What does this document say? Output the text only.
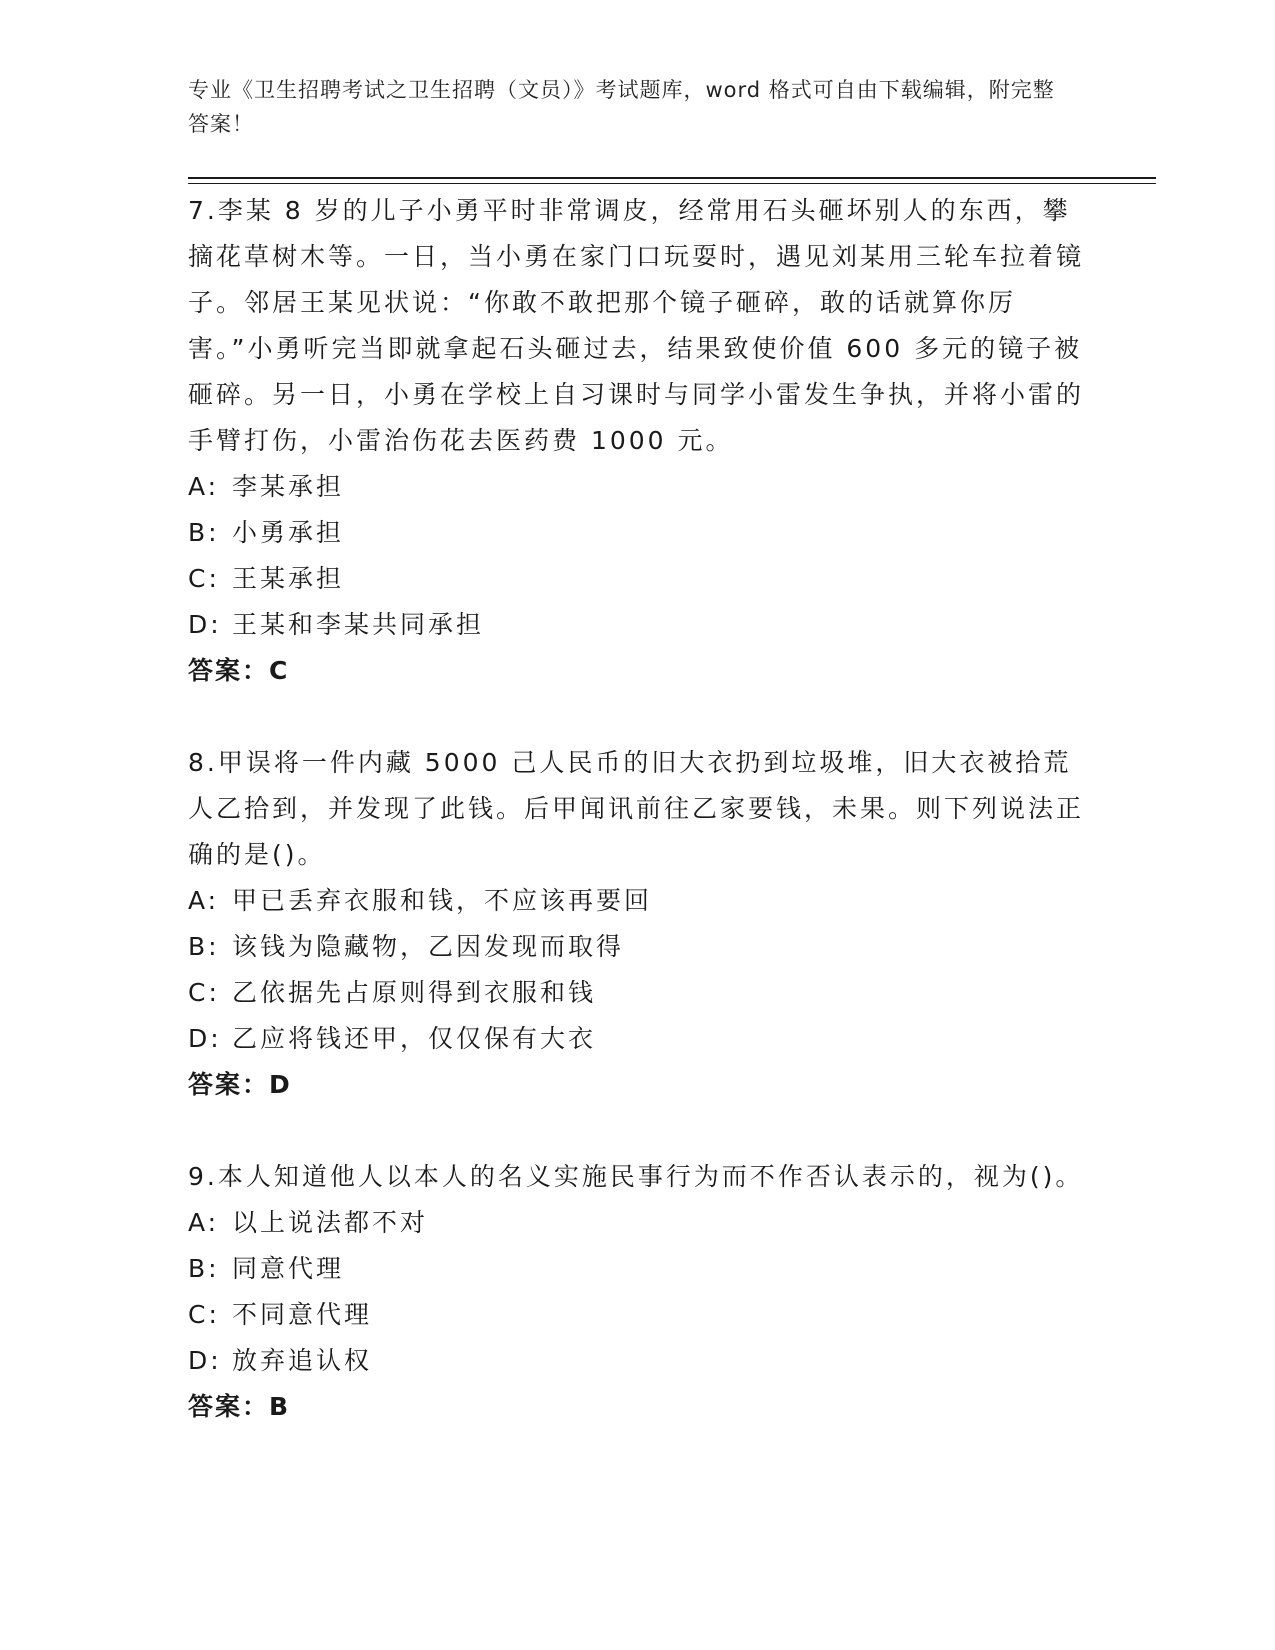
专业《卫生招聘考试之卫生招聘（文员）》考试题库，word 格式可自由下载编辑，附完整答案！

7.李某 8 岁的儿子小勇平时非常调皮，经常用石头砸坏别人的东西，攀摘花草树木等。一日，当小勇在家门口玩耍时，遇见刘某用三轮车拉着镜子。邻居王某见状说：“你敢不敢把那个镜子砸碎，敢的话就算你厉害。”小勇听完当即就拿起石头砸过去，结果致使价值 600 多元的镜子被砸碎。另一日，小勇在学校上自习课时与同学小雷发生争执，并将小雷的手臂打伤，小雷治伤花去医药费 1000 元。

A: 李某承担

B: 小勇承担

C: 王某承担

D: 王某和李某共同承担

答案：C

8.甲误将一件内藏 5000 己人民币的旧大衣扔到垃圾堆，旧大衣被拾荒人乙拾到，并发现了此钱。后甲闻讯前往乙家要钱，未果。则下列说法正确的是()。

A: 甲已丢弃衣服和钱，不应该再要回

B: 该钱为隐藏物，乙因发现而取得

C: 乙依据先占原则得到衣服和钱

D: 乙应将钱还甲，仅仅保有大衣

答案：D

9.本人知道他人以本人的名义实施民事行为而不作否认表示的，视为()。

A: 以上说法都不对

B: 同意代理

C: 不同意代理

D: 放弃追认权

答案：B
